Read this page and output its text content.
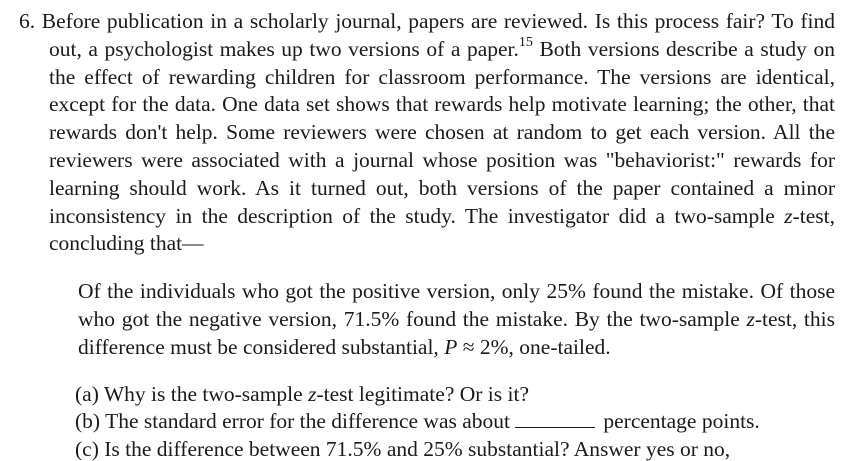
6. Before publication in a scholarly journal, papers are reviewed. Is this process fair? To find out, a psychologist makes up two versions of a paper.$^{15}$ Both versions describe a study on the effect of rewarding children for classroom performance. The versions are identical, except for the data. One data set shows that rewards help motivate learning; the other, that rewards don't help. Some reviewers were chosen at random to get each version. All the reviewers were associated with a journal whose position was "behaviorist:" rewards for learning should work. As it turned out, both versions of the paper contained a minor inconsistency in the description of the study. The investigator did a two-sample z-test, concluding that—

Of the individuals who got the positive version, only 25% found the mistake. Of those who got the negative version, 71.5% found the mistake. By the two-sample z-test, this difference must be considered substantial, P ≈ 2%, one-tailed.

(a) Why is the two-sample z-test legitimate? Or is it?

(b) The standard error for the difference was about	percentage points.

(c) Is the difference between 71.5% and 25% substantial? Answer yes or no,
